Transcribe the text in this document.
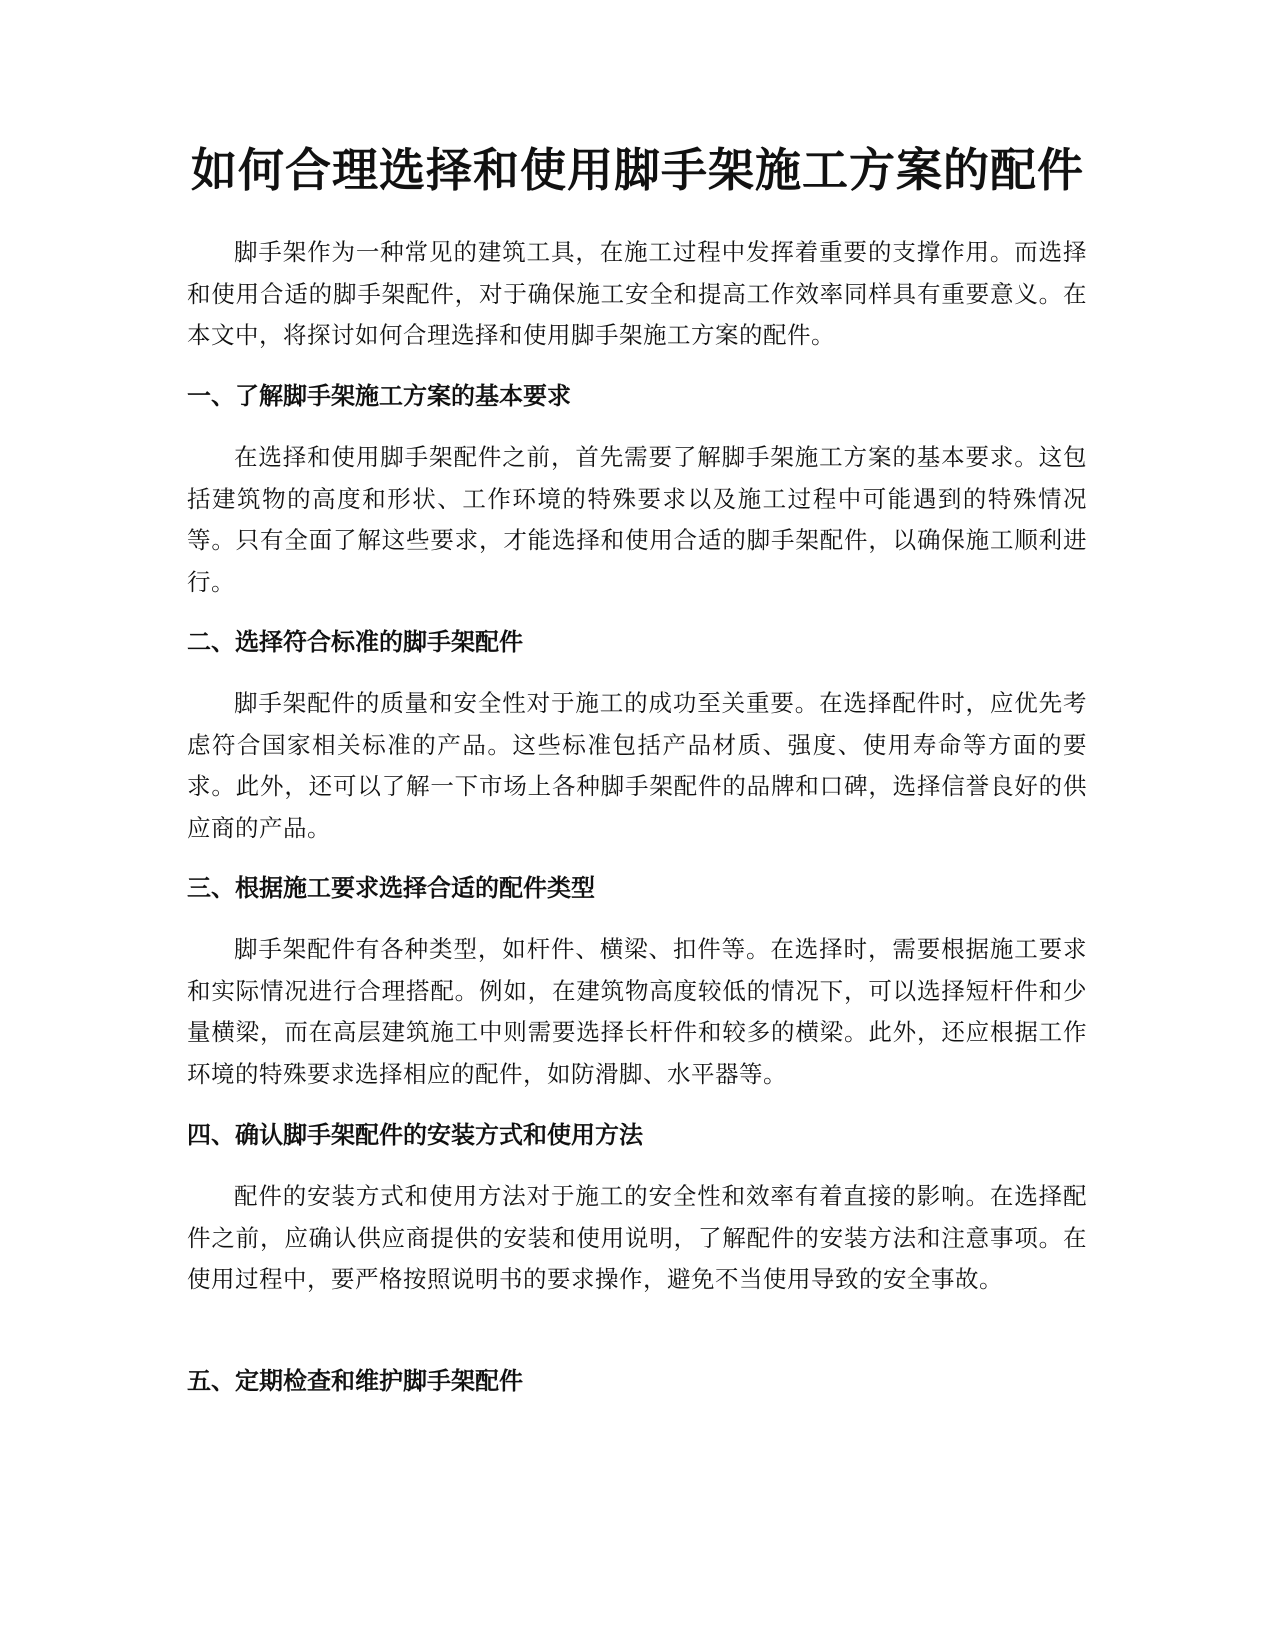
如何合理选择和使用脚手架施工方案的配件

脚手架作为一种常见的建筑工具，在施工过程中发挥着重要的支撑作用。而选择和使用合适的脚手架配件，对于确保施工安全和提高工作效率同样具有重要意义。在本文中，将探讨如何合理选择和使用脚手架施工方案的配件。

一、了解脚手架施工方案的基本要求

在选择和使用脚手架配件之前，首先需要了解脚手架施工方案的基本要求。这包括建筑物的高度和形状、工作环境的特殊要求以及施工过程中可能遇到的特殊情况等。只有全面了解这些要求，才能选择和使用合适的脚手架配件，以确保施工顺利进行。

二、选择符合标准的脚手架配件

脚手架配件的质量和安全性对于施工的成功至关重要。在选择配件时，应优先考虑符合国家相关标准的产品。这些标准包括产品材质、强度、使用寿命等方面的要求。此外，还可以了解一下市场上各种脚手架配件的品牌和口碑，选择信誉良好的供应商的产品。

三、根据施工要求选择合适的配件类型

脚手架配件有各种类型，如杆件、横梁、扣件等。在选择时，需要根据施工要求和实际情况进行合理搭配。例如，在建筑物高度较低的情况下，可以选择短杆件和少量横梁，而在高层建筑施工中则需要选择长杆件和较多的横梁。此外，还应根据工作环境的特殊要求选择相应的配件，如防滑脚、水平器等。

四、确认脚手架配件的安装方式和使用方法

配件的安装方式和使用方法对于施工的安全性和效率有着直接的影响。在选择配件之前，应确认供应商提供的安装和使用说明，了解配件的安装方法和注意事项。在使用过程中，要严格按照说明书的要求操作，避免不当使用导致的安全事故。

五、定期检查和维护脚手架配件
